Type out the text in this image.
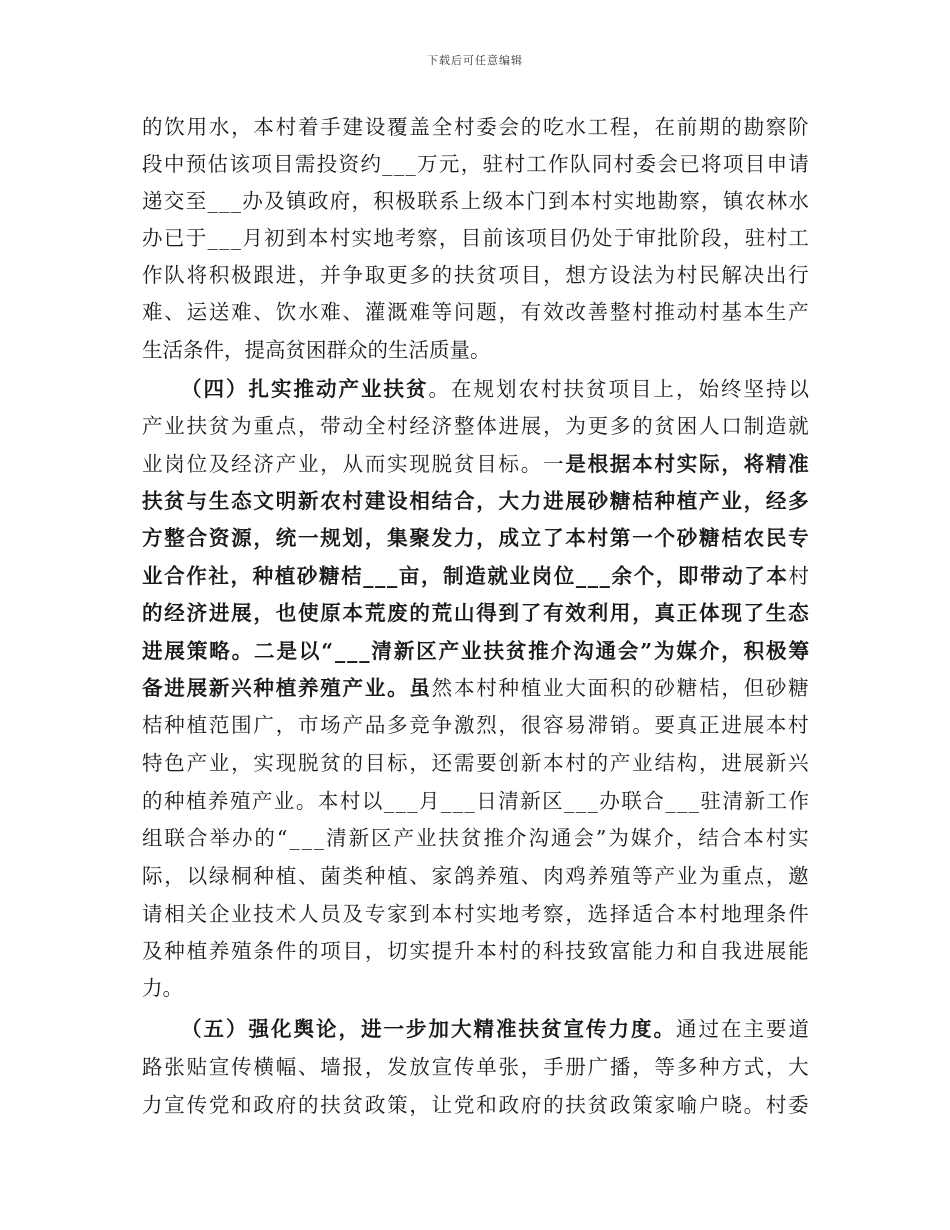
下载后可任意编辑
的 饮 用 水 ， 本 村 着 手 建 设 覆 盖 全 村 委 会 的 吃 水 工 程 ， 在 前 期 的 勘 察 阶
段 中 预 估 该 项 目 需 投 资 约 _ _ _ 万 元 ， 驻 村 工 作 队 同 村 委 会 已 将 项 目 申 请
递 交 至 _ _ _ 办 及 镇 政 府 ， 积 极 联 系 上 级 本 门 到 本 村 实 地 勘 察 ， 镇 农 林 水
办 已 于 _ _ _ 月 初 到 本 村 实 地 考 察 ， 目 前 该 项 目 仍 处 于 审 批 阶 段 ， 驻 村 工
作 队 将 积 极 跟 进 ， 并 争 取 更 多 的 扶 贫 项 目 ， 想 方 设 法 为 村 民 解 决 出 行
难 、 运 送 难 、 饮 水 难 、 灌 溉 难 等 问 题 ， 有 效 改 善 整 村 推 动 村 基 本 生 产
生 活 条 件 ， 提 高 贫 困 群 众 的 生 活 质 量 。
（ 四 ） 扎 实 推 动 产 业 扶 贫 。 在 规 划 农 村 扶 贫 项 目 上 ， 始 终 坚 持 以
产 业 扶 贫 为 重 点 ， 带 动 全 村 经 济 整 体 进 展 ， 为 更 多 的 贫 困 人 口 制 造 就
业 岗 位 及 经 济 产 业 ， 从 而 实 现 脱 贫 目 标 。 一 是 根 据 本 村 实 际 ， 将 精 准
扶 贫 与 生 态 文 明 新 农 村 建 设 相 结 合 ， 大 力 进 展 砂 糖 桔 种 植 产 业 ， 经 多
方 整 合 资 源 ， 统 一 规 划 ， 集 聚 发 力 ， 成 立 了 本 村 第 一 个 砂 糖 桔 农 民 专
业 合 作 社 ， 种 植 砂 糖 桔 _ _ _ 亩 ， 制 造 就 业 岗 位 _ _ _ 余 个 ， 即 带 动 了 本 村
的 经 济 进 展 ， 也 使 原 本 荒 废 的 荒 山 得 到 了 有 效 利 用 ， 真 正 体 现 了 生 态
进 展 策 略 。 二 是 以 “ _ _ _ 清 新 区 产 业 扶 贫 推 介 沟 通 会 ” 为 媒 介 ， 积 极 筹
备 进 展 新 兴 种 植 养 殖 产 业 。 虽 然 本 村 种 植 业 大 面 积 的 砂 糖 桔 ， 但 砂 糖
桔 种 植 范 围 广 ， 市 场 产 品 多 竞 争 激 烈 ， 很 容 易 滞 销 。 要 真 正 进 展 本 村
特 色 产 业 ， 实 现 脱 贫 的 目 标 ， 还 需 要 创 新 本 村 的 产 业 结 构 ， 进 展 新 兴
的 种 植 养 殖 产 业 。 本 村 以 _ _ _ 月 _ _ _ 日 清 新 区 _ _ _ 办 联 合 _ _ _ 驻 清 新 工 作
组 联 合 举 办 的 “ _ _ _ 清 新 区 产 业 扶 贫 推 介 沟 通 会 ” 为 媒 介 ， 结 合 本 村 实
际 ， 以 绿 桐 种 植 、 菌 类 种 植 、 家 鸽 养 殖 、 肉 鸡 养 殖 等 产 业 为 重 点 ， 邀
请 相 关 企 业 技 术 人 员 及 专 家 到 本 村 实 地 考 察 ， 选 择 适 合 本 村 地 理 条 件
及 种 植 养 殖 条 件 的 项 目 ， 切 实 提 升 本 村 的 科 技 致 富 能 力 和 自 我 进 展 能
力 。
（ 五 ） 强 化 舆 论 ， 进 一 步 加 大 精 准 扶 贫 宣 传 力 度 。 通 过 在 主 要 道
路 张 贴 宣 传 横 幅 、 墙 报 ， 发 放 宣 传 单 张 ， 手 册 广 播 ， 等 多 种 方 式 ， 大
力 宣 传 党 和 政 府 的 扶 贫 政 策 ， 让 党 和 政 府 的 扶 贫 政 策 家 喻 户 晓 。 村 委
